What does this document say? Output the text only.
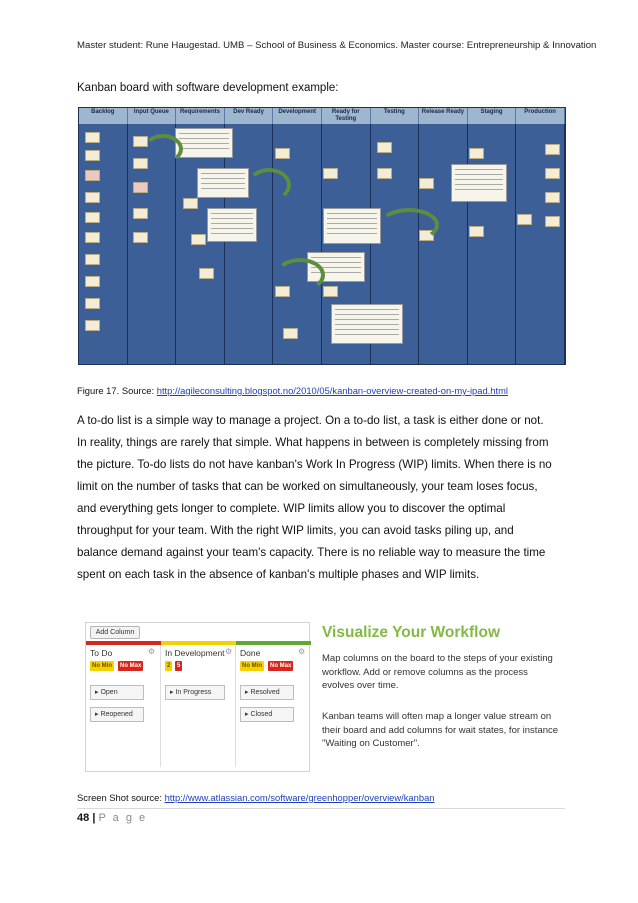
Master student: Rune Haugestad. UMB – School of Business & Economics. Master course: Entrepreneurship & Innovation
Kanban board with software development example:
Backlog	Input Queue	Requirements	Dev Ready	Development	Ready for Testing
Testing	Release Ready	Staging	Production
Figure 17. Source: http://agileconsulting.blogspot.no/2010/05/kanban-overview-created-on-my-ipad.html
A to-do list is a simple way to manage a project. On a to-do list, a task is either done or not.
In reality, things are rarely that simple. What happens in between is completely missing from
the picture. To-do lists do not have kanban's Work In Progress (WIP) limits. When there is no
limit on the number of tasks that can be worked on simultaneously, your team loses focus,
and everything gets longer to complete. WIP limits allow you to discover the optimal
throughput for your team. With the right WIP limits, you can avoid tasks piling up, and
balance demand against your team's capacity. There is no reliable way to measure the time
spent on each task in the absence of kanban's multiple phases and WIP limits.
Add Column
To Do	⚙
No Min	No Max
▸ Open
▸ Reopened
In Development ⚙
2	5
▸ In Progress
Done	⚙
No Min	No Max
▸ Resolved
▸ Closed
Visualize Your Workflow
Map columns on the board to the steps of your existing workflow. Add or remove columns as the process evolves over time.
Kanban teams will often map a longer value stream on their board and add columns for wait states, for instance "Waiting on Customer".
Screen Shot source: http://www.atlassian.com/software/greenhopper/overview/kanban
48 | P a g e
